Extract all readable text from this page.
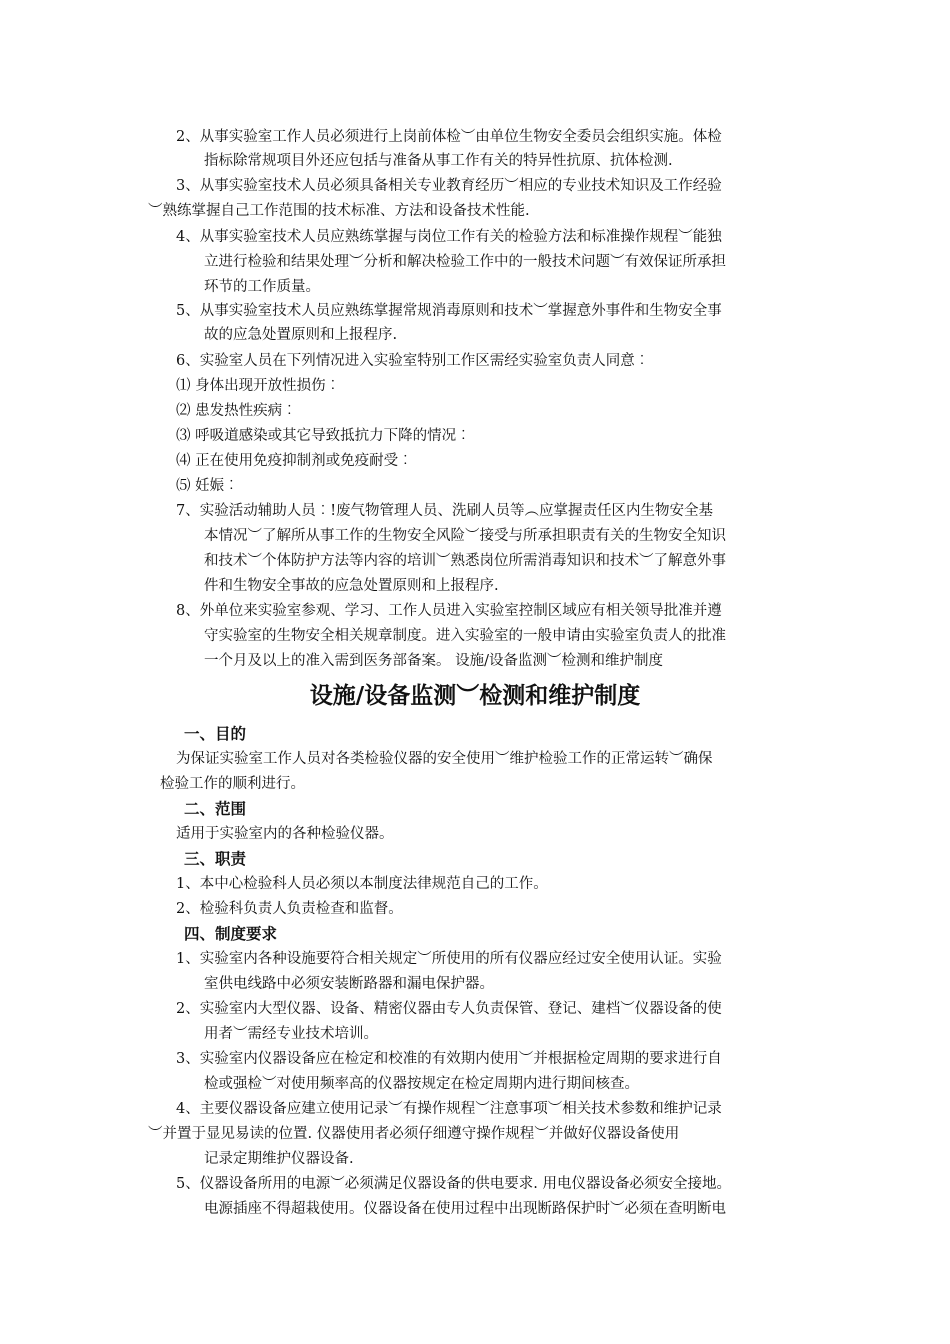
2、从事实验室工作人员必须进行上岗前体检︶由单位生物安全委员会组织实施。体检
指标除常规项目外还应包括与准备从事工作有关的特异性抗原、抗体检测.
3、从事实验室技术人员必须具备相关专业教育经历︶相应的专业技术知识及工作经验
︶熟练掌握自己工作范围的技术标准、方法和设备技术性能.
4、从事实验室技术人员应熟练掌握与岗位工作有关的检验方法和标准操作规程︶能独
立进行检验和结果处理︶分析和解决检验工作中的一般技术问题︶有效保证所承担
环节的工作质量。
5、从事实验室技术人员应熟练掌握常规消毒原则和技术︶掌握意外事件和生物安全事
故的应急处置原则和上报程序.
6、实验室人员在下列情况进入实验室特别工作区需经实验室负责人同意︰
⑴ 身体出现开放性损伤︰
⑵ 患发热性疾病︰
⑶ 呼吸道感染或其它导致抵抗力下降的情况︰
⑷ 正在使用免疫抑制剂或免疫耐受︰
⑸ 妊娠︰
7、实验活动辅助人员︰!废气物管理人员、洗刷人员等︵应掌握责任区内生物安全基
本情况︶了解所从事工作的生物安全风险︶接受与所承担职责有关的生物安全知识
和技术︶个体防护方法等内容的培训︶熟悉岗位所需消毒知识和技术︶了解意外事
件和生物安全事故的应急处置原则和上报程序.
8、外单位来实验室参观、学习、工作人员进入实验室控制区域应有相关领导批准并遵
守实验室的生物安全相关规章制度。进入实验室的一般申请由实验室负责人的批准
一个月及以上的准入需到医务部备案。 设施/设备监测︶检测和维护制度
设施/设备监测︶检测和维护制度
一、目的
为保证实验室工作人员对各类检验仪器的安全使用︶维护检验工作的正常运转︶确保
检验工作的顺利进行。
二、范围
适用于实验室内的各种检验仪器。
三、职责
1、本中心检验科人员必须以本制度法律规范自己的工作。
2、检验科负责人负责检查和监督。
四、制度要求
1、实验室内各种设施要符合相关规定︶所使用的所有仪器应经过安全使用认证。实验
室供电线路中必须安装断路器和漏电保护器。
2、实验室内大型仪器、设备、精密仪器由专人负责保管、登记、建档︶仪器设备的使
用者︶需经专业技术培训。
3、实验室内仪器设备应在检定和校准的有效期内使用︶并根据检定周期的要求进行自
检或强检︶对使用频率高的仪器按规定在检定周期内进行期间核查。
4、主要仪器设备应建立使用记录︶有操作规程︶注意事项︶相关技术参数和维护记录
︶并置于显见易读的位置. 仪器使用者必须仔细遵守操作规程︶并做好仪器设备使用
记录定期维护仪器设备.
5、仪器设备所用的电源︶必须满足仪器设备的供电要求. 用电仪器设备必须安全接地。
电源插座不得超栽使用。仪器设备在使用过程中出现断路保护时︶必须在查明断电
